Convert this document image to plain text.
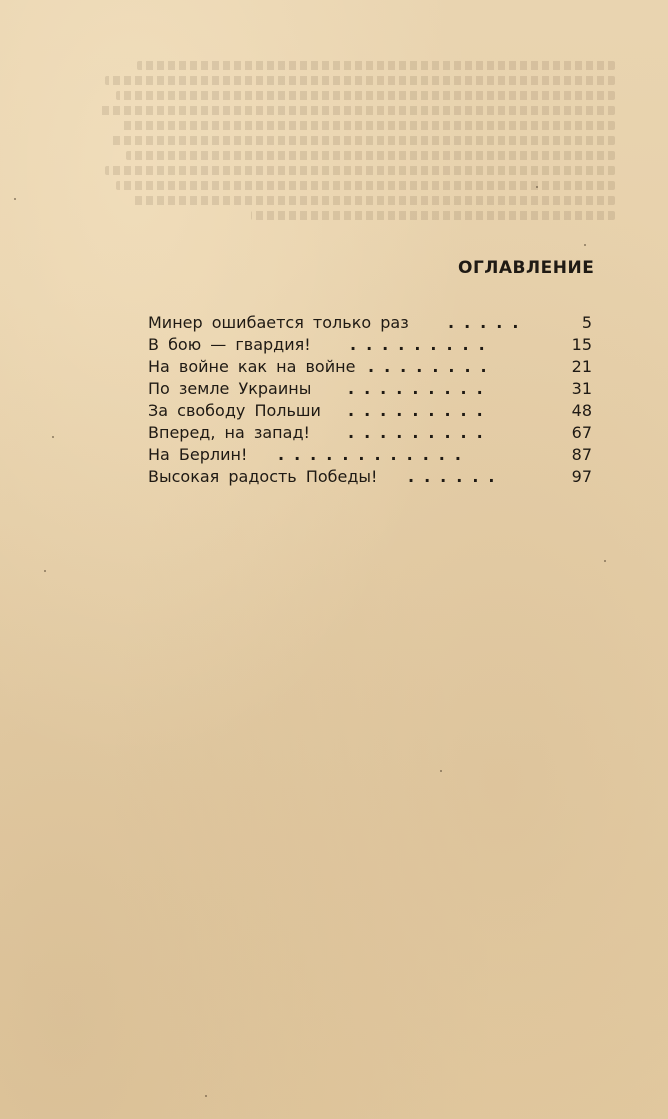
ОГЛАВЛЕНИЕ
Минер ошибается только раз .....	5
В бою — гвардия! .........	15
На войне как на войне ........	21
По земле Украины .........	31
За свободу Польши .........	48
Вперед, на запад! .........	67
На Берлин! ............	87
Высокая радость Победы! ......	97
